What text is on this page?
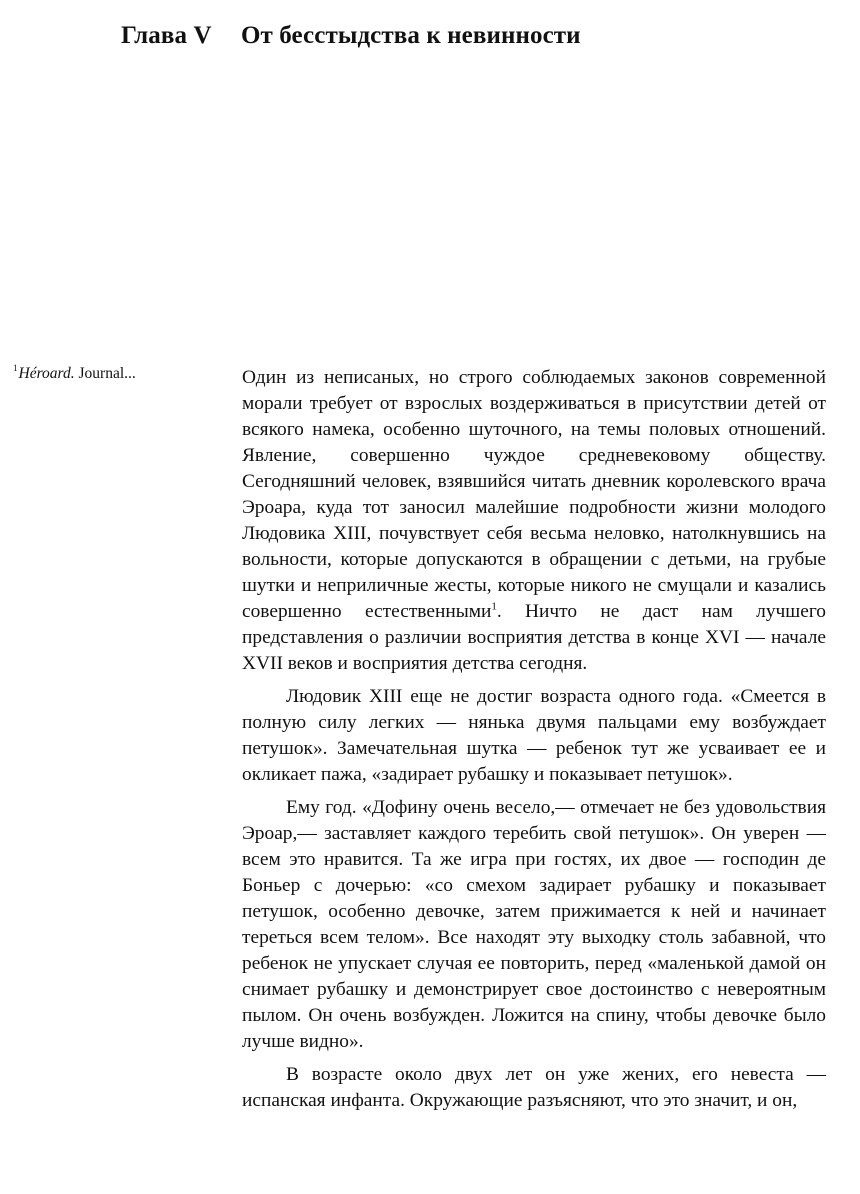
Глава V От бесстыдства к невинности
$^1$Héroard. Journal...	Один из неписаных, но строго соблюдаемых законов современной морали требует от взрослых воздерживаться в присутствии детей от всякого намека, особенно шуточного, на темы половых отношений. Явление, совершенно чуждое средневековому обществу. Сегодняшний человек, взявшийся читать дневник королевского врача Эроара, куда тот заносил малейшие подробности жизни молодого Людовика XIII, почувствует себя весьма неловко, натолкнувшись на вольности, которые допускаются в обращении с детьми, на грубые шутки и неприличные жесты, которые никого не смущали и казались совершенно естественными$^1$. Ничто не даст нам лучшего представления о различии восприятия детства в конце XVI — начале XVII веков и восприятия детства сегодня.

Людовик XIII еще не достиг возраста одного года. «Смеется в полную силу легких — нянька двумя пальцами ему возбуждает петушок». Замечательная шутка — ребенок тут же усваивает ее и окликает пажа, «задирает рубашку и показывает петушок».

Ему год. «Дофину очень весело,— отмечает не без удовольствия Эроар,— заставляет каждого теребить свой петушок». Он уверен — всем это нравится. Та же игра при гостях, их двое — господин де Боньер с дочерью: «со смехом задирает рубашку и показывает петушок, особенно девочке, затем прижимается к ней и начинает тереться всем телом». Все находят эту выходку столь забавной, что ребенок не упускает случая ее повторить, перед «маленькой дамой он снимает рубашку и демонстрирует свое достоинство с невероятным пылом. Он очень возбужден. Ложится на спину, чтобы девочке было лучше видно».

В возрасте около двух лет он уже жених, его невеста — испанская инфанта. Окружающие разъясняют, что это значит, и он,
